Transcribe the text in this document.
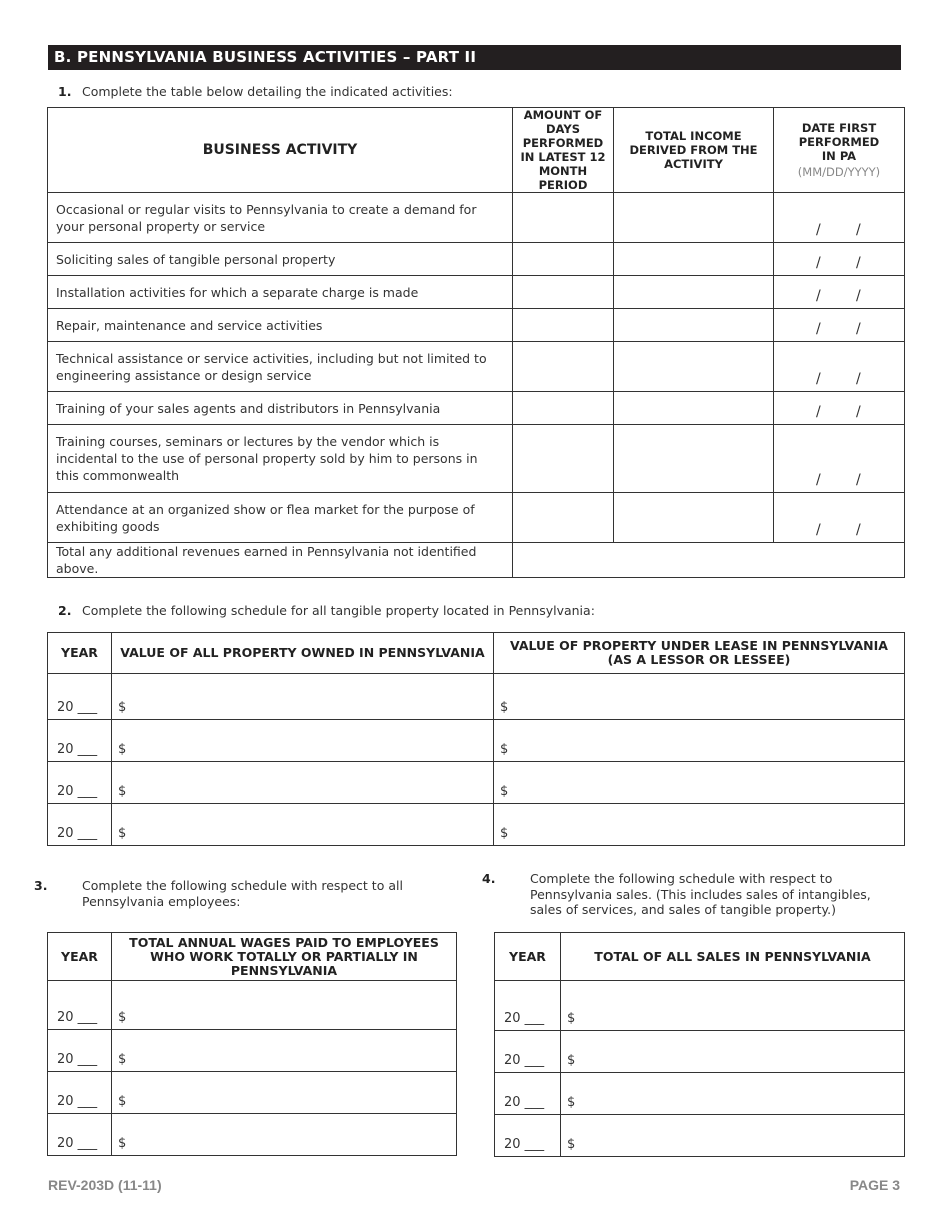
B. PENNSYLVANIA BUSINESS ACTIVITIES – PART II
1. Complete the table below detailing the indicated activities:
BUSINESS ACTIVITY	AMOUNT OF DAYS PERFORMED IN LATEST 12 MONTH PERIOD	TOTAL INCOME DERIVED FROM THE ACTIVITY	DATE FIRST PERFORMED IN PA
(MM/DD/YYYY)

Occasional or regular visits to Pennsylvania to create a demand for your personal property or service			/ /

Soliciting sales of tangible personal property			/ /

Installation activities for which a separate charge is made			/ /

Repair, maintenance and service activities			/ /

Technical assistance or service activities, including but not limited to engineering assistance or design service			/ /

Training of your sales agents and distributors in Pennsylvania			/ /

Training courses, seminars or lectures by the vendor which is incidental to the use of personal property sold by him to persons in this commonwealth			/ /

Attendance at an organized show or flea market for the purpose of exhibiting goods			/ /

Total any additional revenues earned in Pennsylvania not identified above.			
2. Complete the following schedule for all tangible property located in Pennsylvania:
YEAR	VALUE OF ALL PROPERTY OWNED IN PENNSYLVANIA	VALUE OF PROPERTY UNDER LEASE IN PENNSYLVANIA (AS A LESSOR OR LESSEE)
20 ___	$	$
20 ___	$	$
20 ___	$	$
20 ___	$	$
3.	Complete the following schedule with respect to all Pennsylvania employees:
YEAR	TOTAL ANNUAL WAGES PAID TO EMPLOYEES WHO WORK TOTALLY OR PARTIALLY IN PENNSYLVANIA
20 ___	$
20 ___	$
20 ___	$
20 ___	$
4.	Complete the following schedule with respect to Pennsylvania sales. (This includes sales of intangibles, sales of services, and sales of tangible property.)
YEAR	TOTAL OF ALL SALES IN PENNSYLVANIA
20 ___	$
20 ___	$
20 ___	$
20 ___	$
REV-203D (11-11)	PAGE 3
